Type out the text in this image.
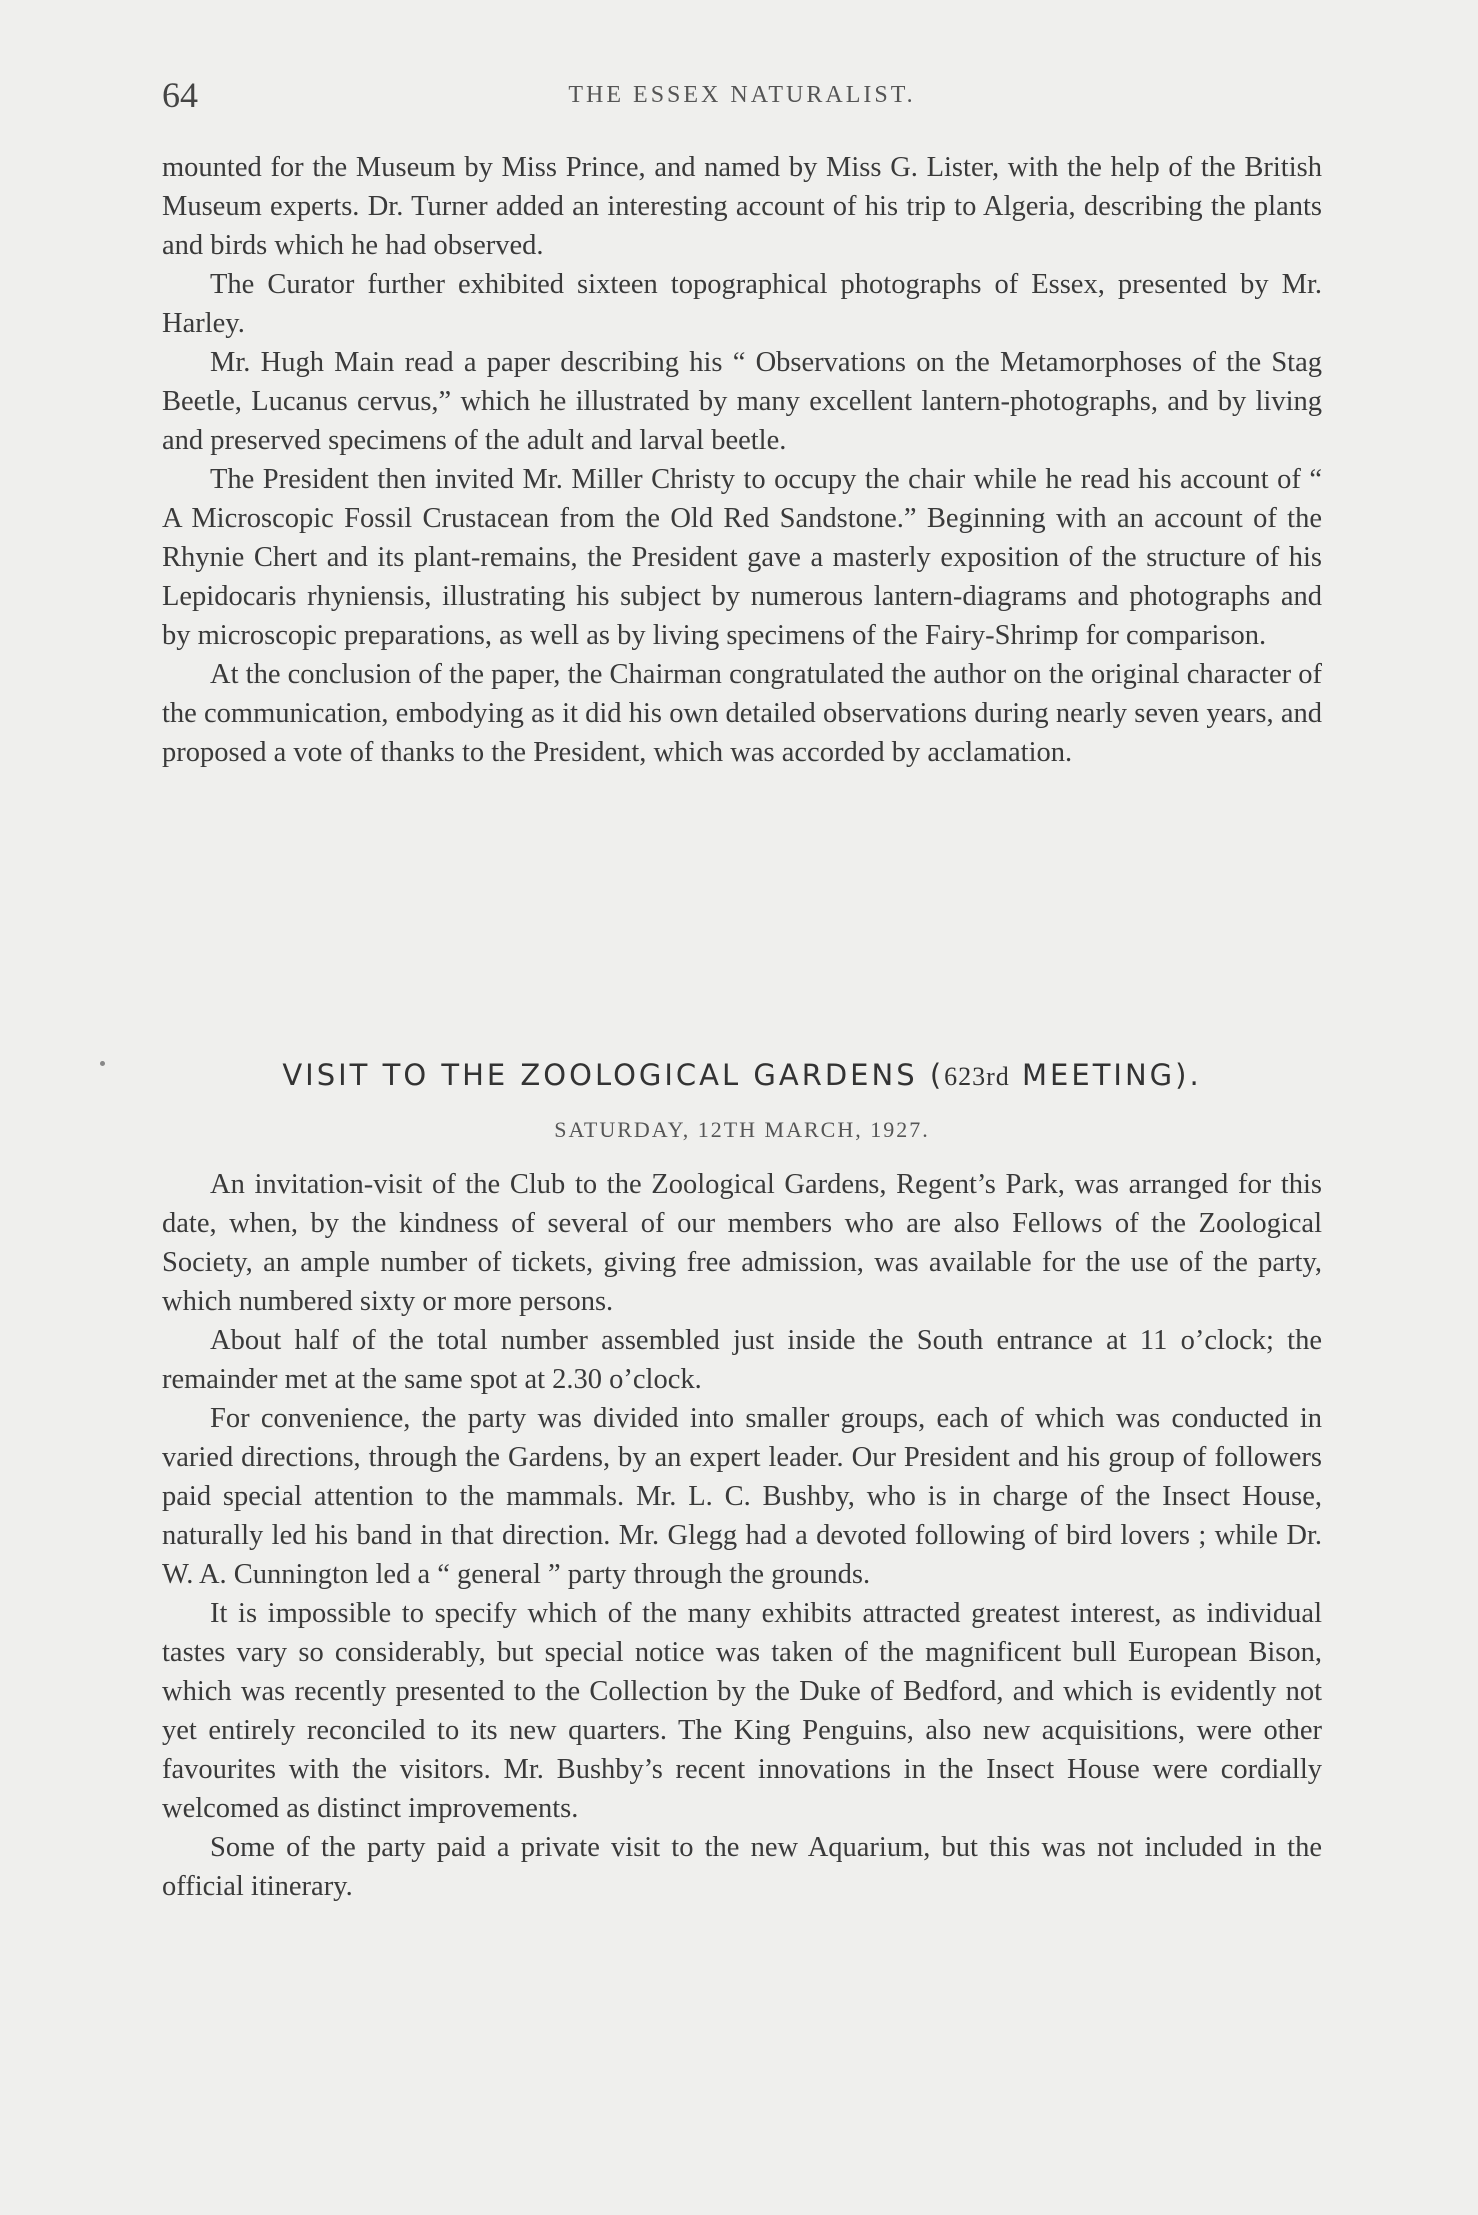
64	THE ESSEX NATURALIST.

mounted for the Museum by Miss Prince, and named by Miss G. Lister, with the help of the British Museum experts. Dr. Turner added an interesting account of his trip to Algeria, describing the plants and birds which he had observed.

The Curator further exhibited sixteen topographical photographs of Essex, presented by Mr. Harley.

Mr. Hugh Main read a paper describing his “ Observations on the Metamorphoses of the Stag Beetle, Lucanus cervus,” which he illustrated by many excellent lantern-photographs, and by living and preserved specimens of the adult and larval beetle.

The President then invited Mr. Miller Christy to occupy the chair while he read his account of “ A Microscopic Fossil Crustacean from the Old Red Sandstone.” Beginning with an account of the Rhynie Chert and its plant-remains, the President gave a masterly exposition of the structure of his Lepidocaris rhyniensis, illustrating his subject by numerous lantern-diagrams and photographs and by microscopic preparations, as well as by living specimens of the Fairy-Shrimp for comparison.

At the conclusion of the paper, the Chairman congratulated the author on the original character of the communication, embodying as it did his own detailed observations during nearly seven years, and proposed a vote of thanks to the President, which was accorded by acclamation.

VISIT TO THE ZOOLOGICAL GARDENS (623rd MEETING).
SATURDAY, 12TH MARCH, 1927.

An invitation-visit of the Club to the Zoological Gardens, Regent’s Park, was arranged for this date, when, by the kindness of several of our members who are also Fellows of the Zoological Society, an ample number of tickets, giving free admission, was available for the use of the party, which numbered sixty or more persons.

About half of the total number assembled just inside the South entrance at 11 o’clock; the remainder met at the same spot at 2.30 o’clock.

For convenience, the party was divided into smaller groups, each of which was conducted in varied directions, through the Gardens, by an expert leader. Our President and his group of followers paid special attention to the mammals. Mr. L. C. Bushby, who is in charge of the Insect House, naturally led his band in that direction. Mr. Glegg had a devoted following of bird lovers ; while Dr. W. A. Cunnington led a “ general ” party through the grounds.

It is impossible to specify which of the many exhibits attracted greatest interest, as individual tastes vary so considerably, but special notice was taken of the magnificent bull European Bison, which was recently presented to the Collection by the Duke of Bedford, and which is evidently not yet entirely reconciled to its new quarters. The King Penguins, also new acquisitions, were other favourites with the visitors. Mr. Bushby’s recent innovations in the Insect House were cordially welcomed as distinct improvements.

Some of the party paid a private visit to the new Aquarium, but this was not included in the official itinerary.
